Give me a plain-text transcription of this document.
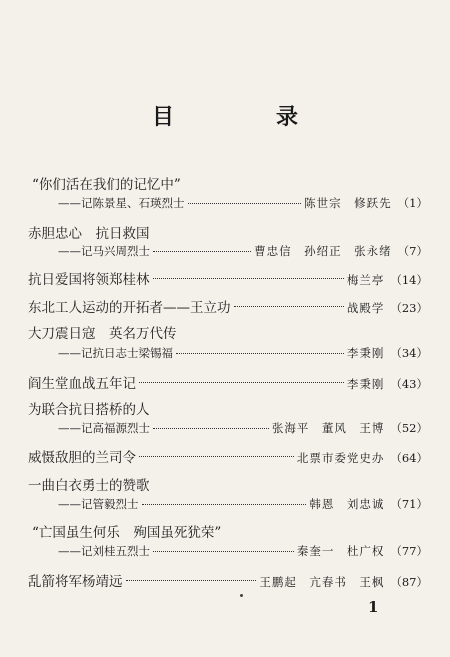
目　录
“你们活在我们的记忆中”
——记陈景星、石瑛烈士	陈世宗　修跃先 （1）
赤胆忠心　抗日救国
——记马兴周烈士	曹忠信　孙绍正　张永绪 （7）
抗日爱国将领郑桂林	梅兰亭 （14）
东北工人运动的开拓者——王立功	战殿学 （23）
大刀震日寇　英名万代传
——记抗日志士梁锡福	李秉刚 （34）
阎生堂血战五年记	李秉刚 （43）
为联合抗日搭桥的人
——记高福源烈士	张海平　董风　王博 （52）
威慑敌胆的兰司令	北票市委党史办 （64）
一曲白衣勇士的赞歌
——记管毅烈士	韩恩　刘忠诚 （71）
“亡国虽生何乐　殉国虽死犹荣”
——记刘桂五烈士	秦奎一　杜广权 （77）
乱箭将军杨靖远	王鹏起　亢春书　王枫 （87）
1
